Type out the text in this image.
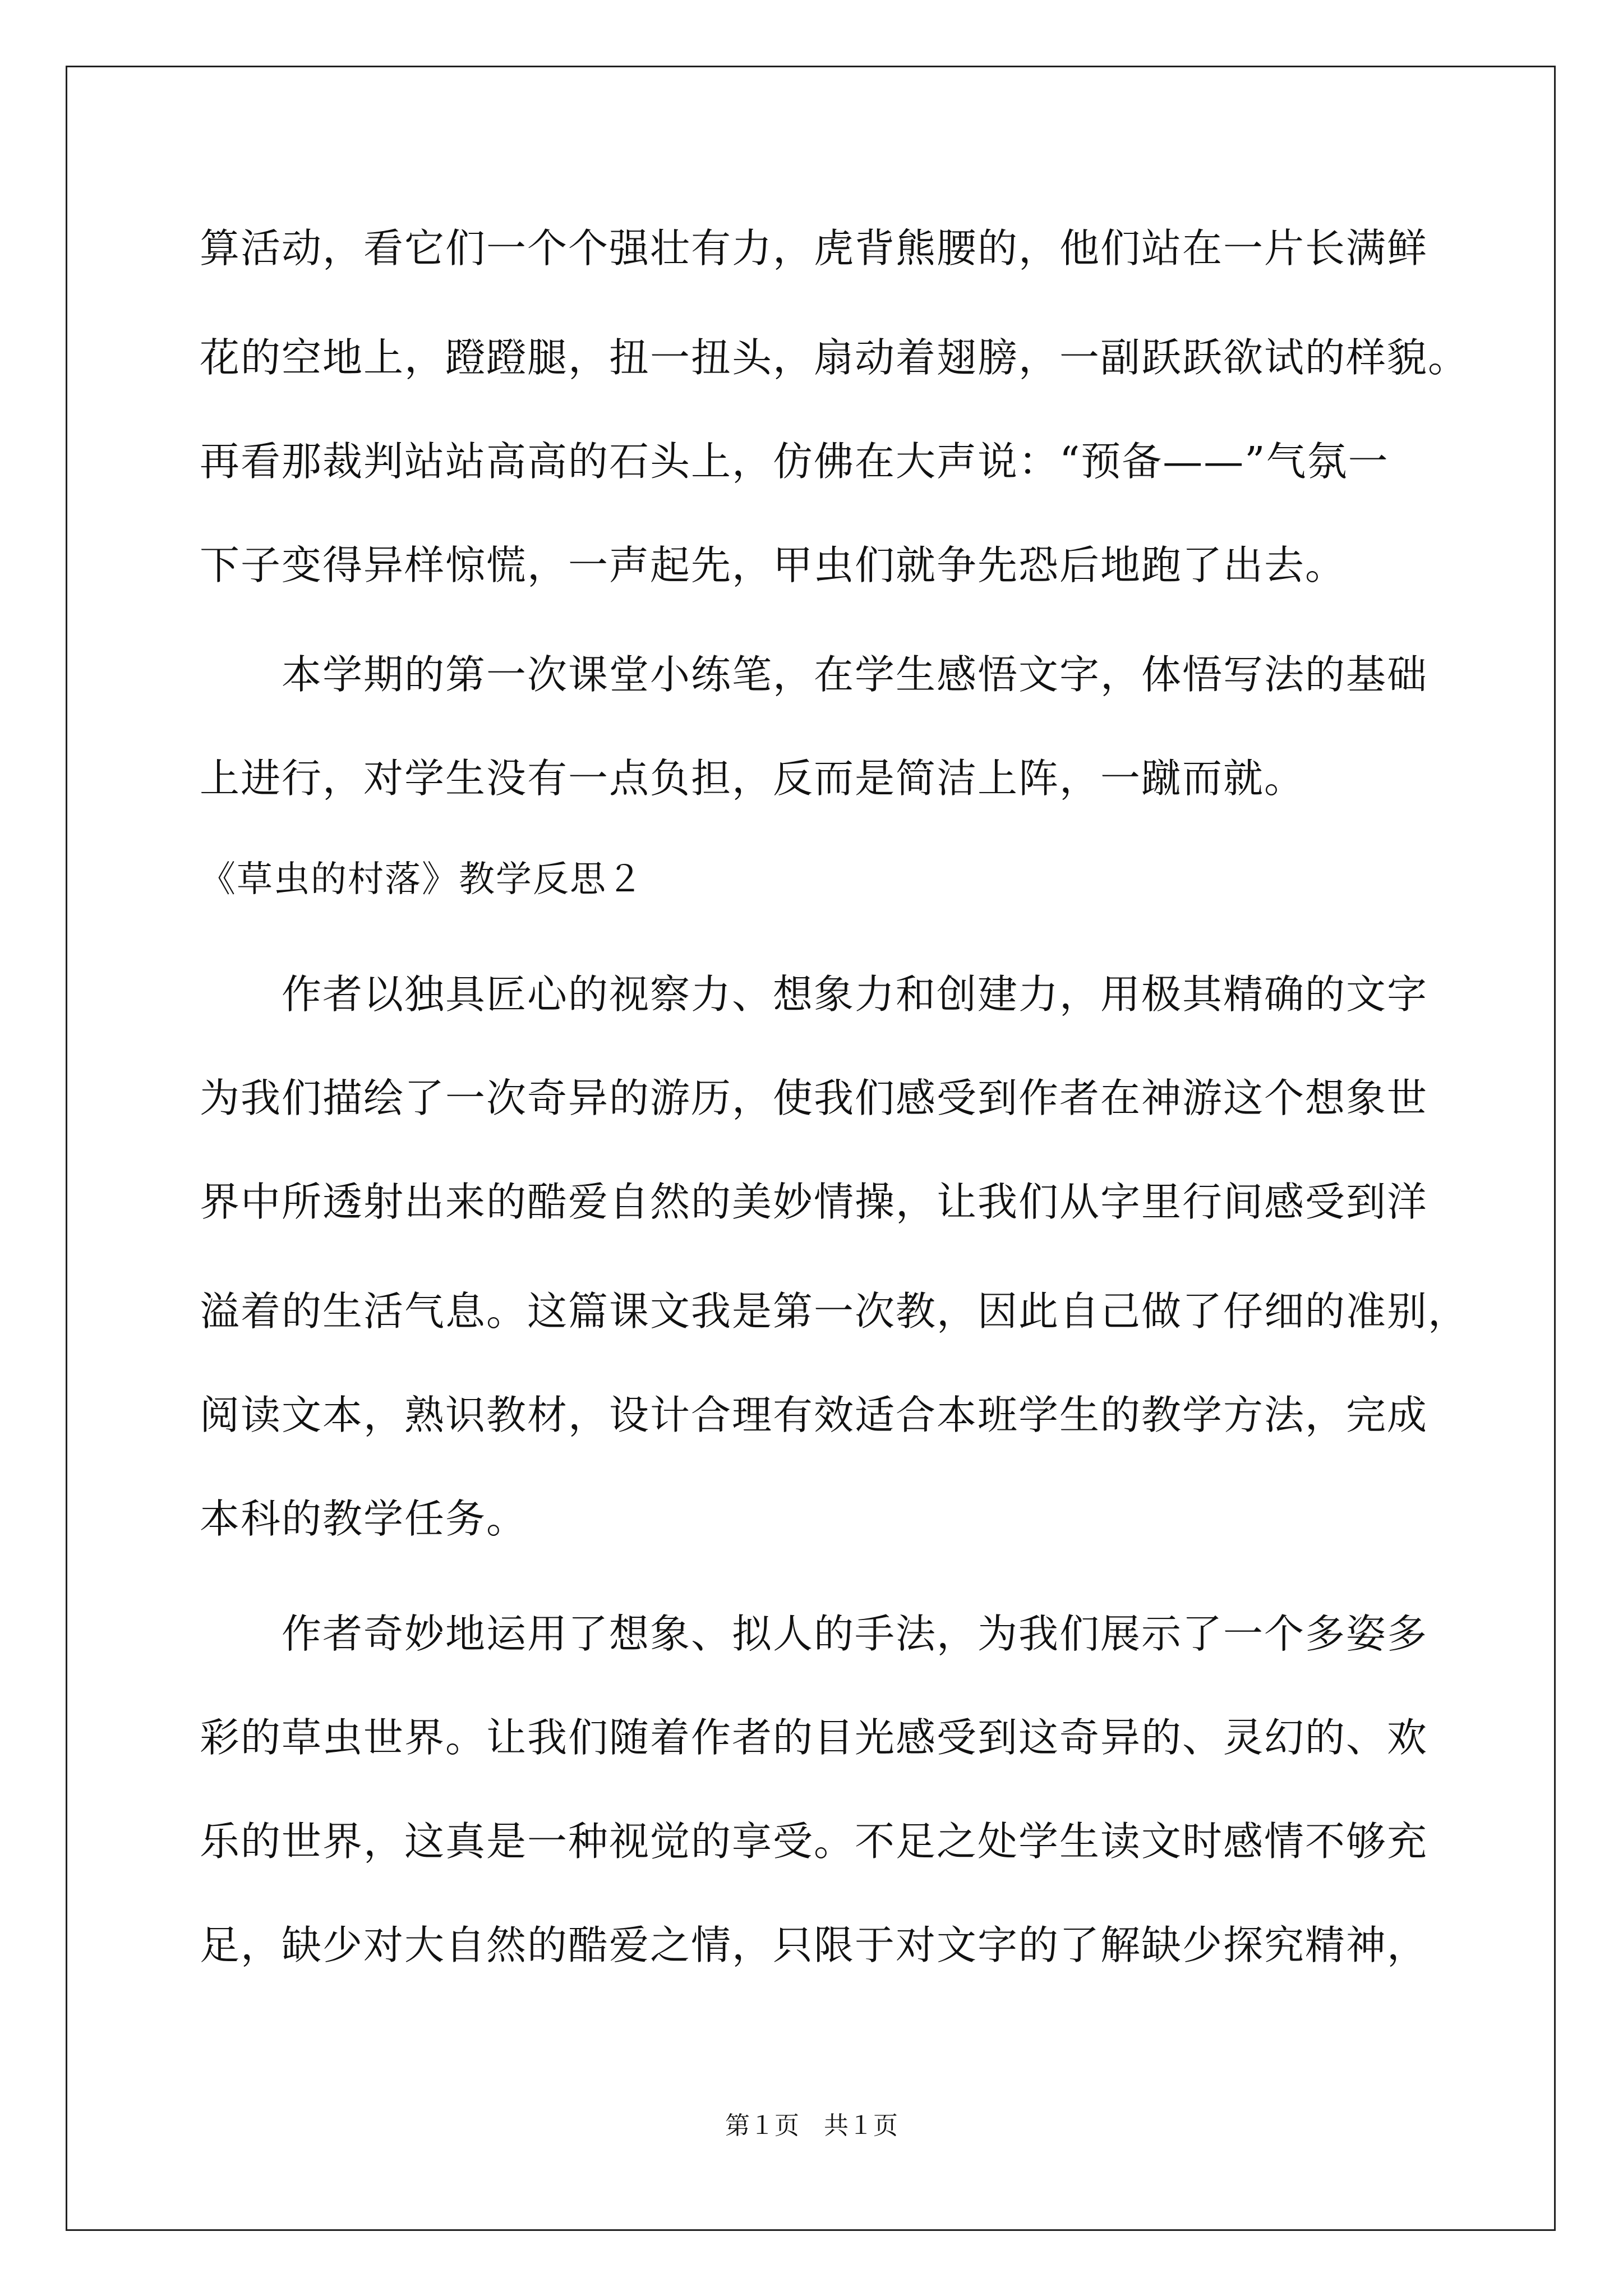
算活动，看它们一个个强壮有力，虎背熊腰的，他们站在一片长满鲜
花的空地上，蹬蹬腿，扭一扭头，扇动着翅膀，一副跃跃欲试的样貌。
再看那裁判站站高高的石头上，仿佛在大声说：“预备——”气氛一
下子变得异样惊慌，一声起先，甲虫们就争先恐后地跑了出去。
　　本学期的第一次课堂小练笔，在学生感悟文字，体悟写法的基础
上进行，对学生没有一点负担，反而是简洁上阵，一蹴而就。
《草虫的村落》教学反思２
　　作者以独具匠心的视察力、想象力和创建力，用极其精确的文字
为我们描绘了一次奇异的游历，使我们感受到作者在神游这个想象世
界中所透射出来的酷爱自然的美妙情操，让我们从字里行间感受到洋
溢着的生活气息。这篇课文我是第一次教，因此自己做了仔细的准别，
阅读文本，熟识教材，设计合理有效适合本班学生的教学方法，完成
本科的教学任务。
　　作者奇妙地运用了想象、拟人的手法，为我们展示了一个多姿多
彩的草虫世界。让我们随着作者的目光感受到这奇异的、灵幻的、欢
乐的世界，这真是一种视觉的享受。不足之处学生读文时感情不够充
足，缺少对大自然的酷爱之情，只限于对文字的了解缺少探究精神，
第１页　共１页
